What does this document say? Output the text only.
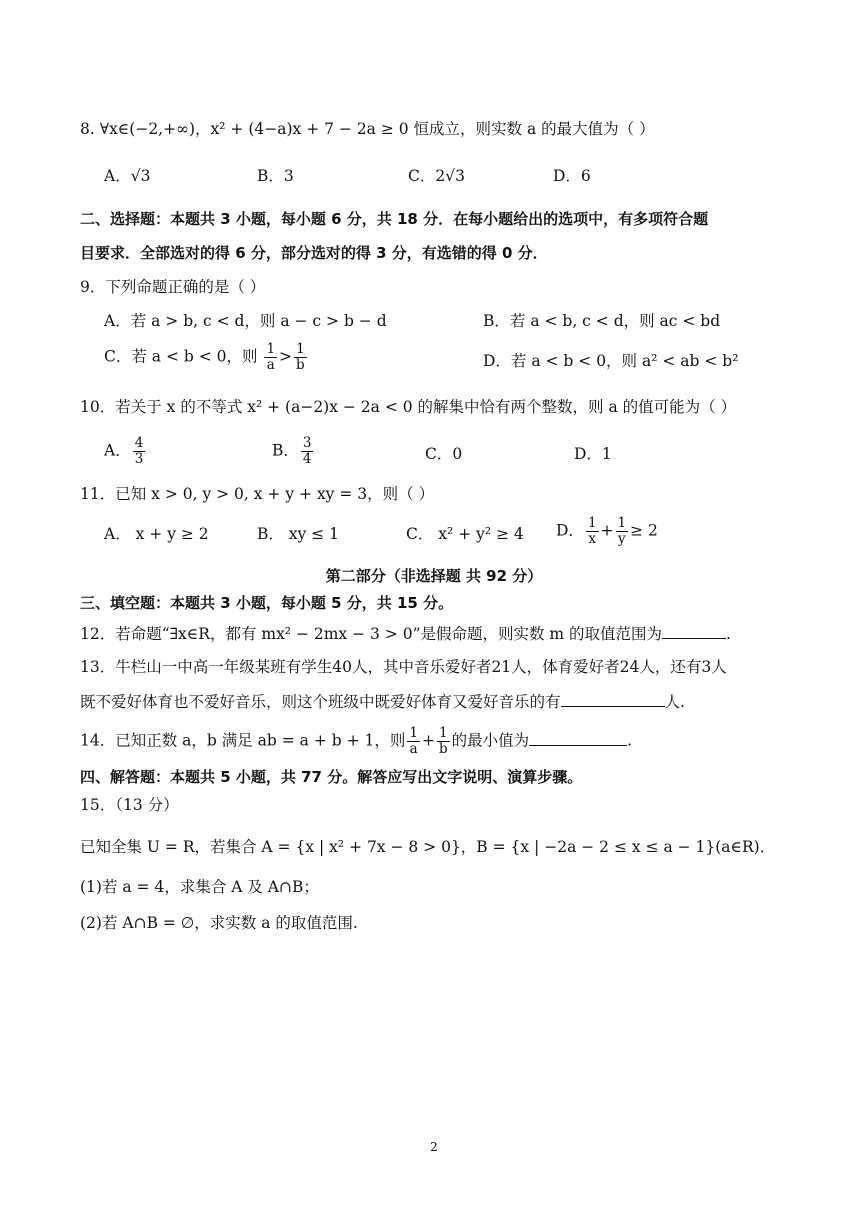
8. ∀x∈(−2,+∞)，x² + (4−a)x + 7 − 2a ≥ 0 恒成立，则实数 a 的最大值为（ ）
A．√3	B．3	C．2√3	D．6
二、选择题：本题共 3 小题，每小题 6 分，共 18 分．在每小题给出的选项中，有多项符合题
目要求．全部选对的得 6 分，部分选对的得 3 分，有选错的得 0 分．
9．下列命题正确的是（ ）
A．若 a > b, c < d，则 a − c > b − d	B．若 a < b, c < d，则 ac < bd
C．若 a < b < 0，则 $\frac{1}{a} > \frac{1}{b}$	D．若 a < b < 0，则 a² < ab < b²
10．若关于 x 的不等式 x² + (a−2)x − 2a < 0 的解集中恰有两个整数，则 a 的值可能为（ ）
A． $\frac{4}{3}$	B． $\frac{3}{4}$	C．0	D．1
11．已知 x > 0, y > 0, x + y + xy = 3，则（ ）
A． x + y ≥ 2	B． xy ≤ 1	C． x² + y² ≥ 4 D． $\frac{1}{x} + \frac{1}{y} \ge 2$
第二部分（非选择题 共 92 分）
三、填空题：本题共 3 小题，每小题 5 分，共 15 分。
12．若命题“∃x∈R，都有 mx² − 2mx − 3 > 0”是假命题，则实数 m 的取值范围为	.
13．牛栏山一中高一年级某班有学生40人，其中音乐爱好者21人，体育爱好者24人，还有3人
既不爱好体育也不爱好音乐，则这个班级中既爱好体育又爱好音乐的有	人.
14．已知正数 a，b 满足 ab = a + b + 1，则 $\frac{1}{a} + \frac{1}{b}$ 的最小值为	.
四、解答题：本题共 5 小题，共 77 分。解答应写出文字说明、演算步骤。
15．（13 分）
已知全集 U = R，若集合 A = {x | x² + 7x − 8 > 0}，B = {x | −2a − 2 ≤ x ≤ a − 1}(a∈R)．
(1)若 a = 4，求集合 A 及 A∩B；
(2)若 A∩B = ∅，求实数 a 的取值范围.
2
